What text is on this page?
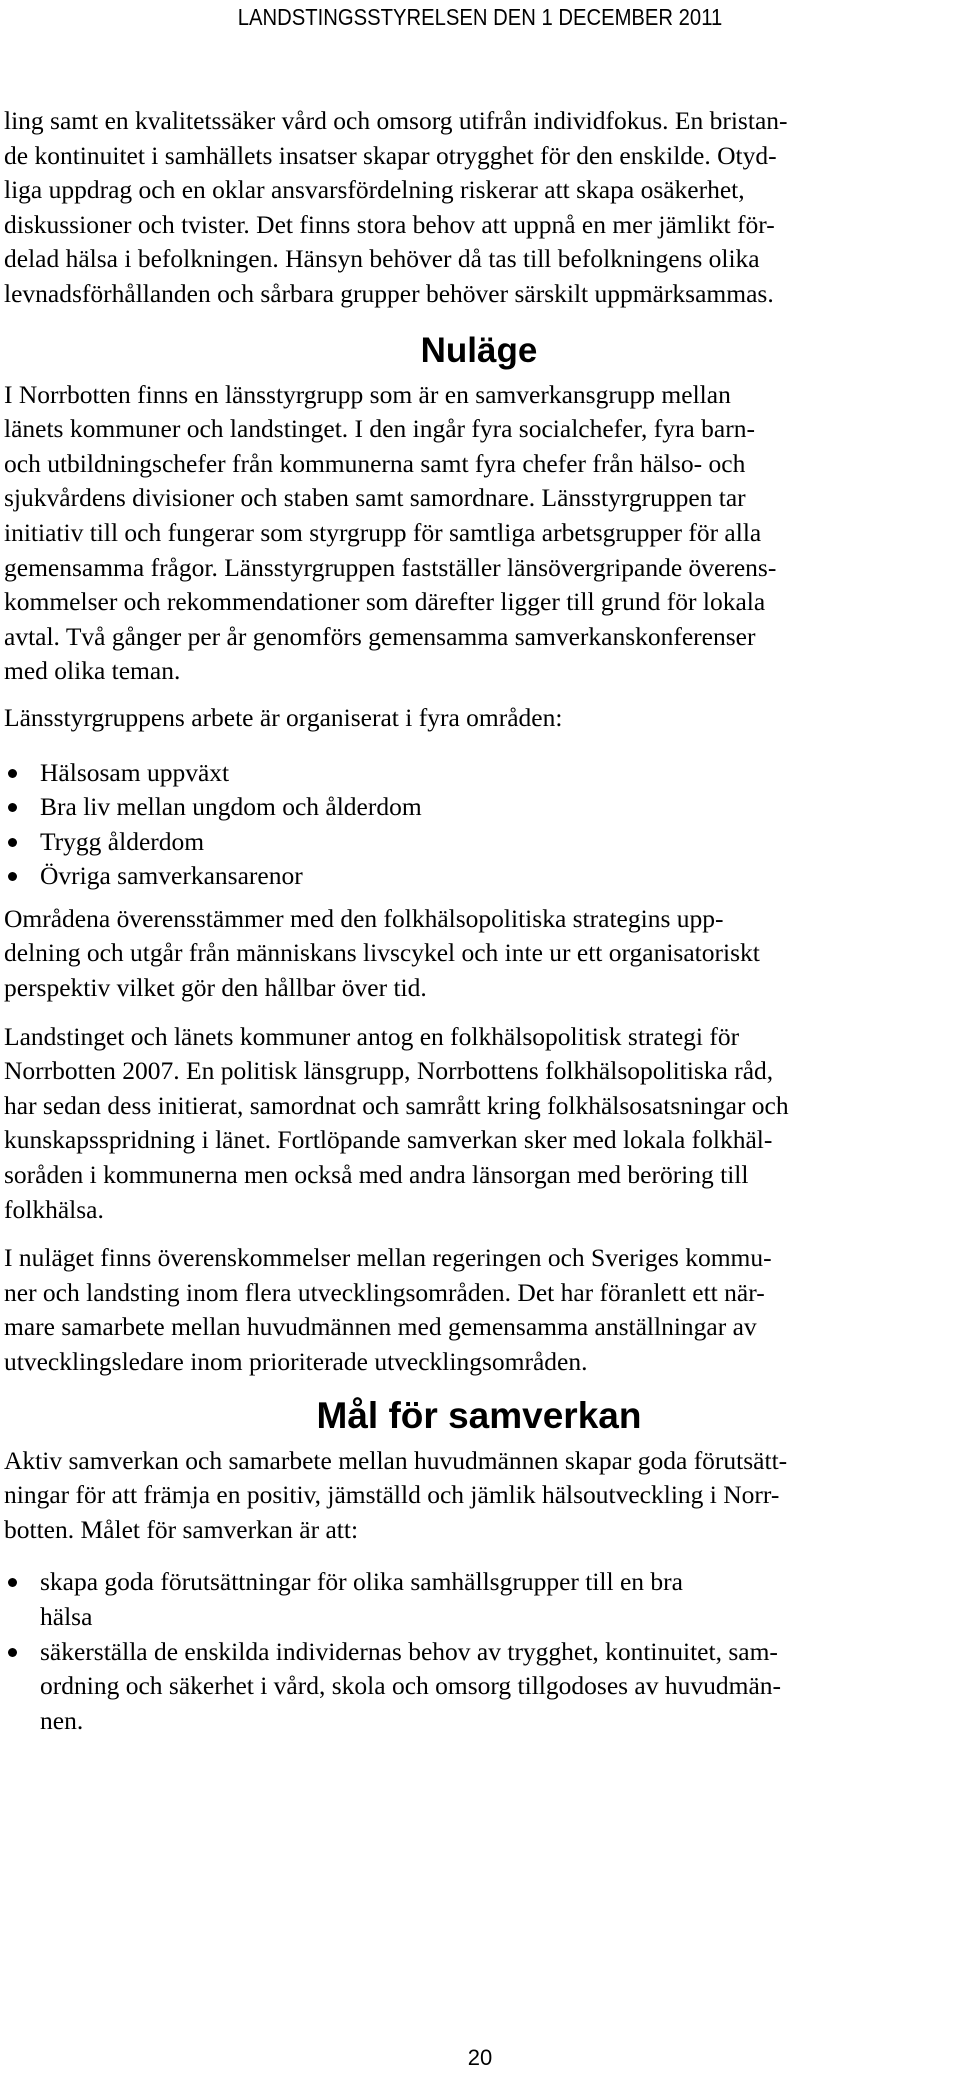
LANDSTINGSSTYRELSEN DEN 1 DECEMBER 2011

ling samt en kvalitetssäker vård och omsorg utifrån individfokus. En bristan-

de kontinuitet i samhällets insatser skapar otrygghet för den enskilde. Otyd-

liga uppdrag och en oklar ansvarsfördelning riskerar att skapa osäkerhet,

diskussioner och tvister. Det finns stora behov att uppnå en mer jämlikt för-

delad hälsa i befolkningen. Hänsyn behöver då tas till befolkningens olika

levnadsförhållanden och sårbara grupper behöver särskilt uppmärksammas.

Nuläge

I Norrbotten finns en länsstyrgrupp som är en samverkansgrupp mellan

länets kommuner och landstinget. I den ingår fyra socialchefer, fyra barn-

och utbildningschefer från kommunerna samt fyra chefer från hälso- och

sjukvårdens divisioner och staben samt samordnare. Länsstyrgruppen tar

initiativ till och fungerar som styrgrupp för samtliga arbetsgrupper för alla

gemensamma frågor. Länsstyrgruppen fastställer länsövergripande överens-

kommelser och rekommendationer som därefter ligger till grund för lokala

avtal. Två gånger per år genomförs gemensamma samverkanskonferenser

med olika teman.

Länsstyrgruppens arbete är organiserat i fyra områden:

Hälsosam uppväxt

Bra liv mellan ungdom och ålderdom

Trygg ålderdom

Övriga samverkansarenor

Områdena överensstämmer med den folkhälsopolitiska strategins upp-

delning och utgår från människans livscykel och inte ur ett organisatoriskt

perspektiv vilket gör den hållbar över tid.

Landstinget och länets kommuner antog en folkhälsopolitisk strategi för

Norrbotten 2007. En politisk länsgrupp, Norrbottens folkhälsopolitiska råd,

har sedan dess initierat, samordnat och samrått kring folkhälsosatsningar och

kunskapsspridning i länet. Fortlöpande samverkan sker med lokala folkhäl-

soråden i kommunerna men också med andra länsorgan med beröring till

folkhälsa.

I nuläget finns överenskommelser mellan regeringen och Sveriges kommu-

ner och landsting inom flera utvecklingsområden. Det har föranlett ett när-

mare samarbete mellan huvudmännen med gemensamma anställningar av

utvecklingsledare inom prioriterade utvecklingsområden.

Mål för samverkan

Aktiv samverkan och samarbete mellan huvudmännen skapar goda förutsätt-

ningar för att främja en positiv, jämställd och jämlik hälsoutveckling i Norr-

botten. Målet för samverkan är att:

skapa goda förutsättningar för olika samhällsgrupper till en bra

hälsa

säkerställa de enskilda individernas behov av trygghet, kontinuitet, sam-

ordning och säkerhet i vård, skola och omsorg tillgodoses av huvudmän-

nen.

20
